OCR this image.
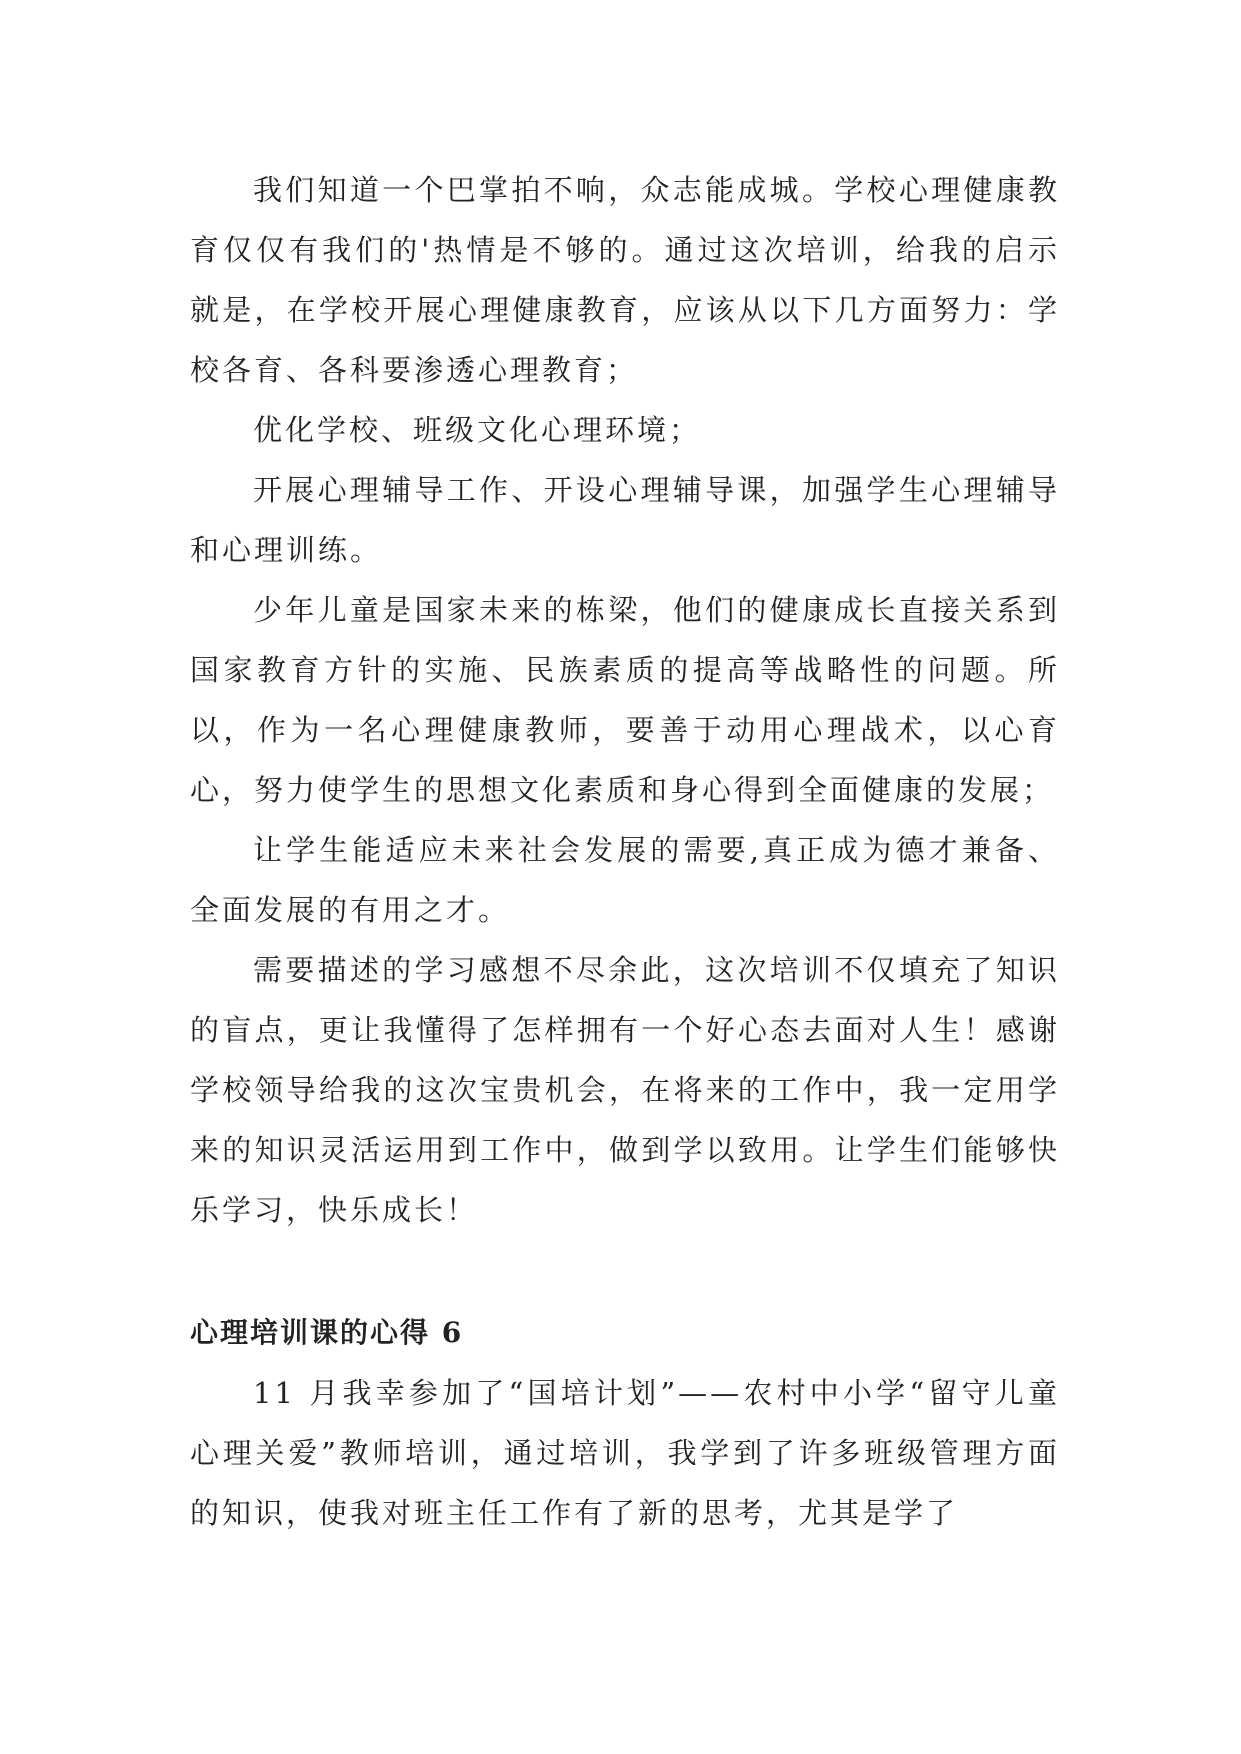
我们知道一个巴掌拍不响，众志能成城。学校心理健康教育仅仅有我们的'热情是不够的。通过这次培训，给我的启示就是，在学校开展心理健康教育，应该从以下几方面努力：学校各育、各科要渗透心理教育；

优化学校、班级文化心理环境；

开展心理辅导工作、开设心理辅导课，加强学生心理辅导和心理训练。

少年儿童是国家未来的栋梁，他们的健康成长直接关系到国家教育方针的实施、民族素质的提高等战略性的问题。所以，作为一名心理健康教师，要善于动用心理战术，以心育心，努力使学生的思想文化素质和身心得到全面健康的发展；

让学生能适应未来社会发展的需要,真正成为德才兼备、全面发展的有用之才。

需要描述的学习感想不尽余此，这次培训不仅填充了知识的盲点，更让我懂得了怎样拥有一个好心态去面对人生！感谢学校领导给我的这次宝贵机会，在将来的工作中，我一定用学来的知识灵活运用到工作中，做到学以致用。让学生们能够快乐学习，快乐成长！

心理培训课的心得 6

11 月我幸参加了“国培计划”——农村中小学“留守儿童心理关爱”教师培训，通过培训，我学到了许多班级管理方面的知识，使我对班主任工作有了新的思考，尤其是学了
